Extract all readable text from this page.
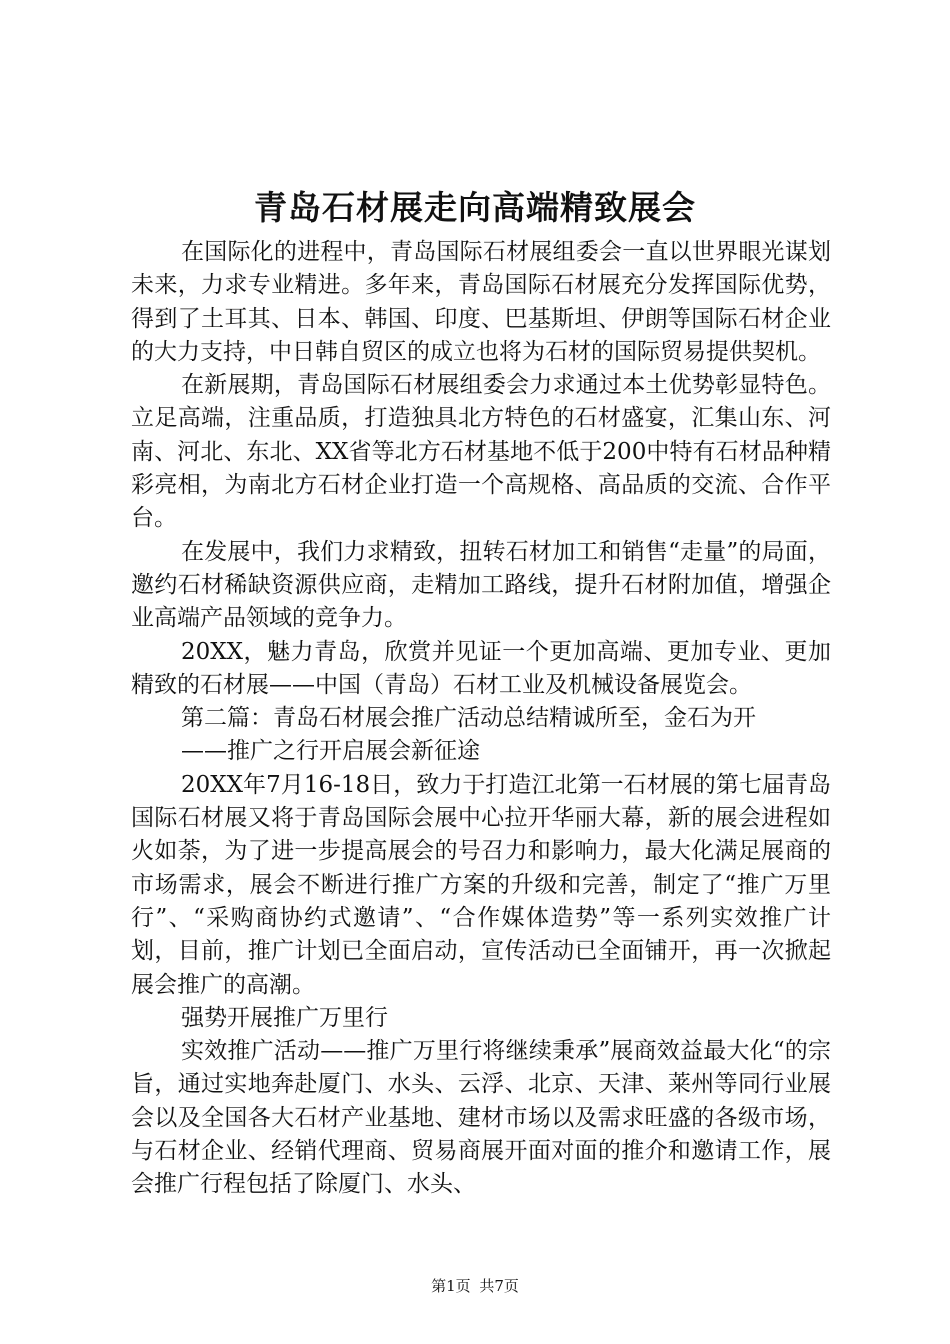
青岛石材展走向高端精致展会

在国际化的进程中，青岛国际石材展组委会一直以世界眼光谋划未来，力求专业精进。多年来，青岛国际石材展充分发挥国际优势，得到了土耳其、日本、韩国、印度、巴基斯坦、伊朗等国际石材企业的大力支持，中日韩自贸区的成立也将为石材的国际贸易提供契机。

在新展期，青岛国际石材展组委会力求通过本土优势彰显特色。立足高端，注重品质，打造独具北方特色的石材盛宴，汇集山东、河南、河北、东北、XX省等北方石材基地不低于200中特有石材品种精彩亮相，为南北方石材企业打造一个高规格、高品质的交流、合作平台。

在发展中，我们力求精致，扭转石材加工和销售“走量”的局面，邀约石材稀缺资源供应商，走精加工路线，提升石材附加值，增强企业高端产品领域的竞争力。

20XX，魅力青岛，欣赏并见证一个更加高端、更加专业、更加精致的石材展——中国（青岛）石材工业及机械设备展览会。

第二篇：青岛石材展会推广活动总结精诚所至，金石为开

——推广之行开启展会新征途

20XX年7月16-18日，致力于打造江北第一石材展的第七届青岛国际石材展又将于青岛国际会展中心拉开华丽大幕，新的展会进程如火如荼，为了进一步提高展会的号召力和影响力，最大化满足展商的市场需求，展会不断进行推广方案的升级和完善，制定了“推广万里行”、“采购商协约式邀请”、“合作媒体造势”等一系列实效推广计划，目前，推广计划已全面启动，宣传活动已全面铺开，再一次掀起展会推广的高潮。

强势开展推广万里行

实效推广活动——推广万里行将继续秉承”展商效益最大化“的宗旨，通过实地奔赴厦门、水头、云浮、北京、天津、莱州等同行业展会以及全国各大石材产业基地、建材市场以及需求旺盛的各级市场，与石材企业、经销代理商、贸易商展开面对面的推介和邀请工作，展会推广行程包括了除厦门、水头、

第1页 共7页
